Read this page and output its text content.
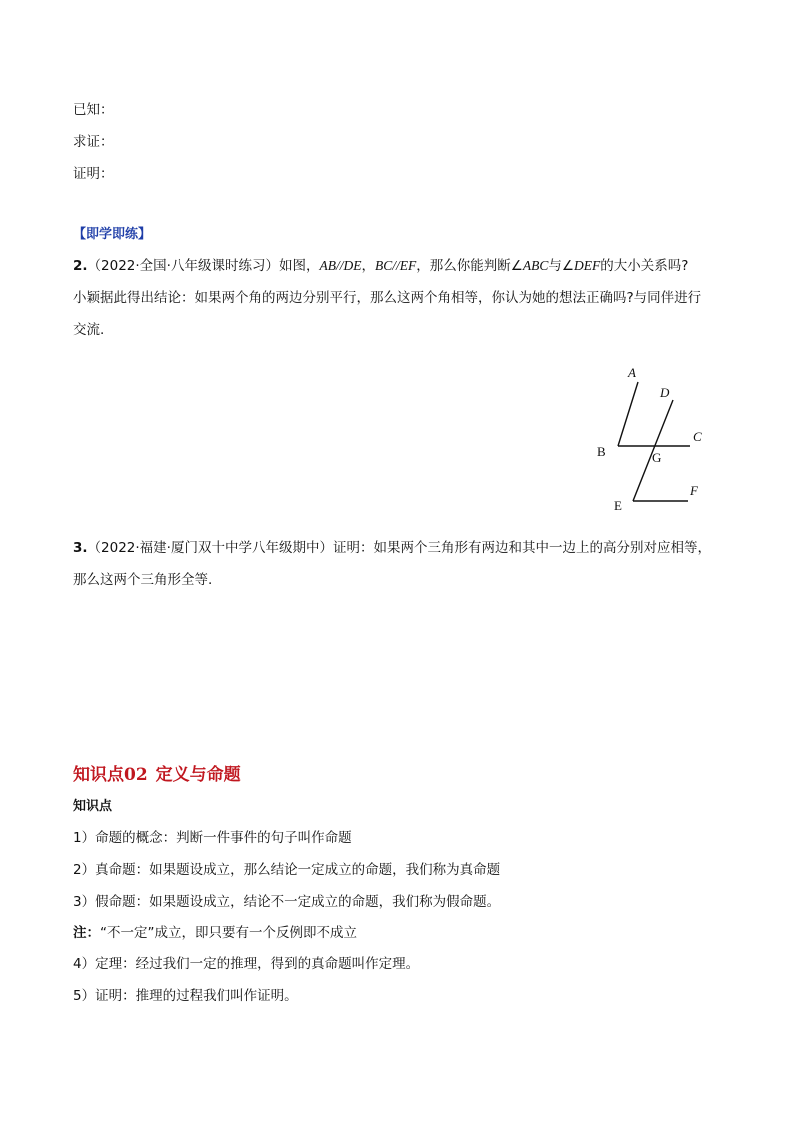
已知：
求证：
证明：
【即学即练】
2.（2022·全国·八年级课时练习）如图，AB//DE，BC//EF，那么你能判断∠ABC与∠DEF的大小关系吗?
小颖据此得出结论：如果两个角的两边分别平行，那么这两个角相等，你认为她的想法正确吗?与同伴进行
交流.
A
D
C
B	G
E
F
3.（2022·福建·厦门双十中学八年级期中）证明：如果两个三角形有两边和其中一边上的高分别对应相等，
那么这两个三角形全等.
知识点02 定义与命题
知识点
1）命题的概念：判断一件事件的句子叫作命题
2）真命题：如果题设成立，那么结论一定成立的命题，我们称为真命题
3）假命题：如果题设成立，结论不一定成立的命题，我们称为假命题。
注：“不一定”成立，即只要有一个反例即不成立
4）定理：经过我们一定的推理，得到的真命题叫作定理。
5）证明：推理的过程我们叫作证明。
